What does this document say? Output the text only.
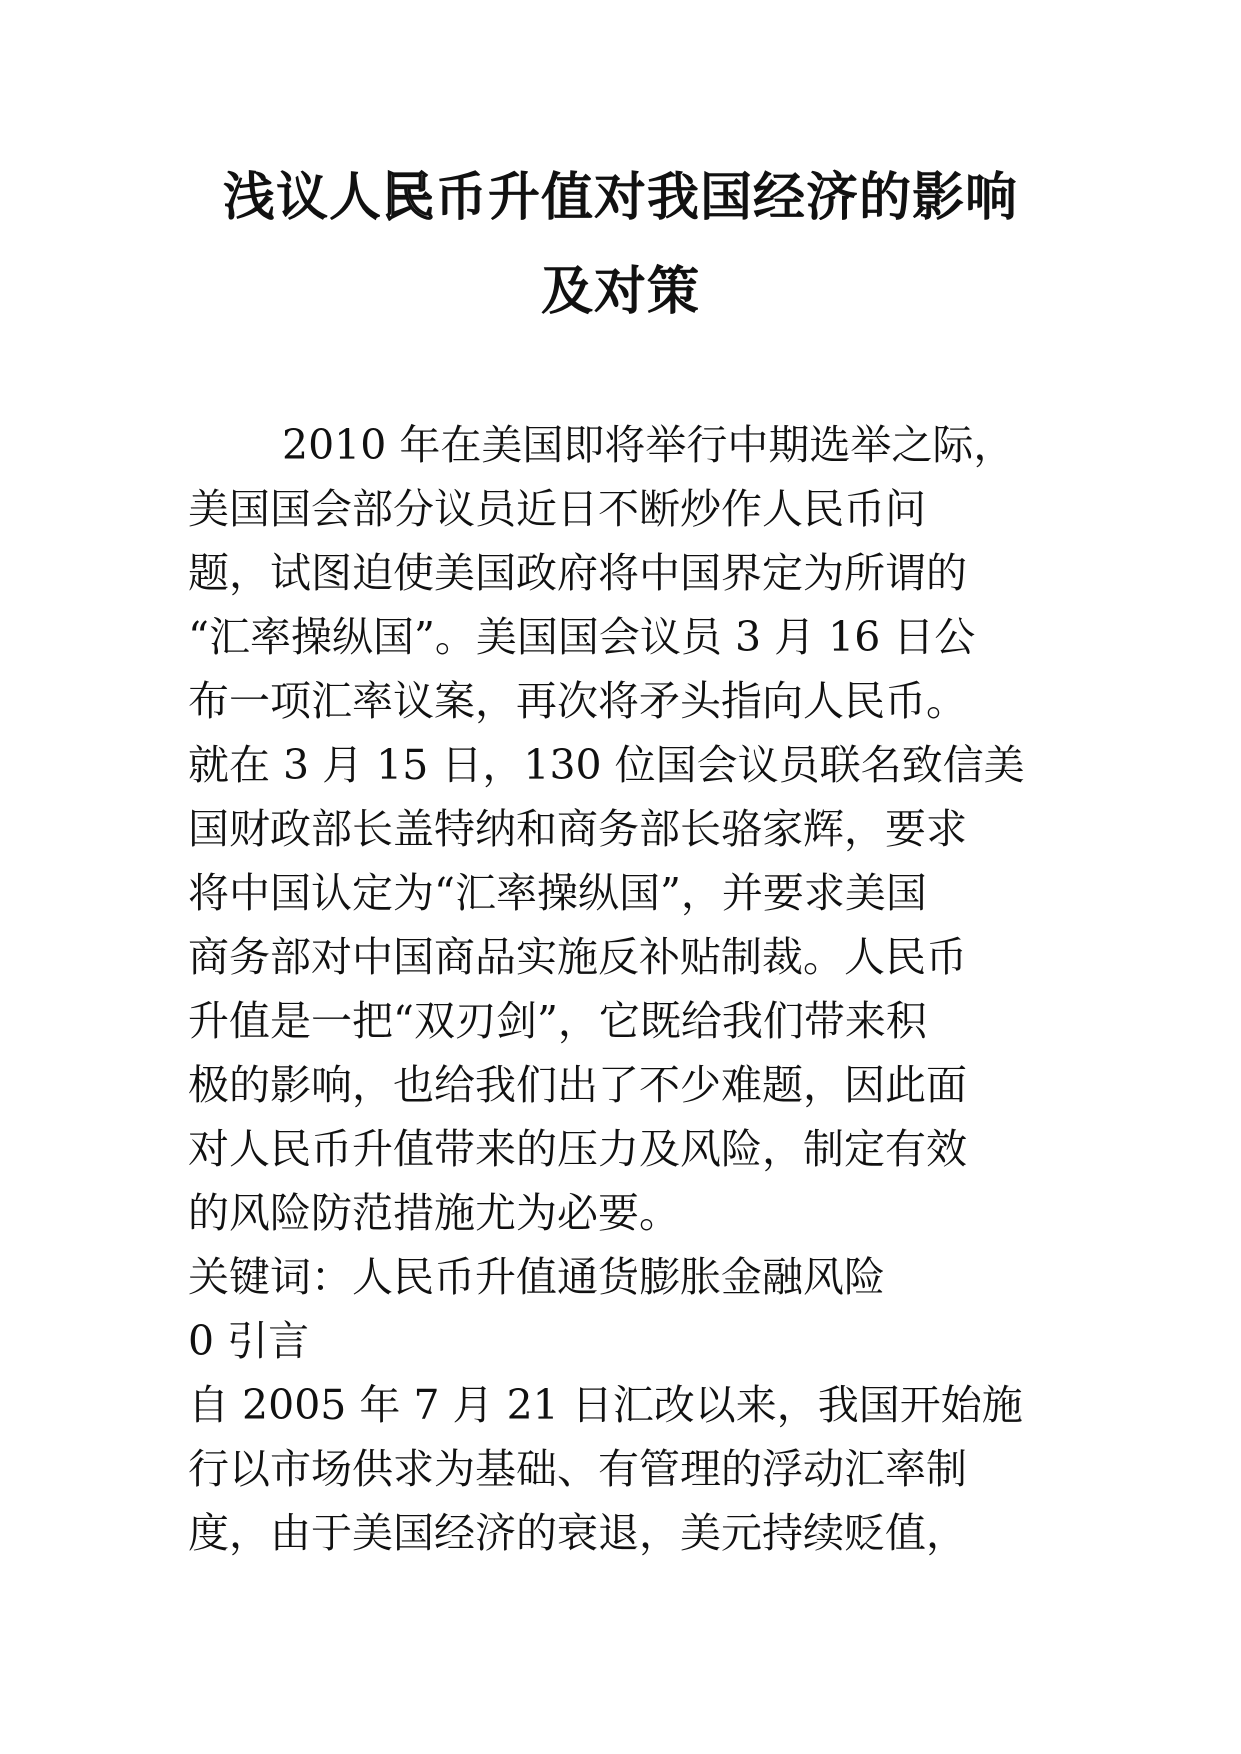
浅议人民币升值对我国经济的影响
及对策
2010 年在美国即将举行中期选举之际，
美国国会部分议员近日不断炒作人民币问
题，试图迫使美国政府将中国界定为所谓的
“汇率操纵国”。美国国会议员 3 月 16 日公
布一项汇率议案，再次将矛头指向人民币。
就在 3 月 15 日，130 位国会议员联名致信美
国财政部长盖特纳和商务部长骆家辉，要求
将中国认定为“汇率操纵国”，并要求美国
商务部对中国商品实施反补贴制裁。人民币
升值是一把“双刃剑”，它既给我们带来积
极的影响，也给我们出了不少难题，因此面
对人民币升值带来的压力及风险，制定有效
的风险防范措施尤为必要。
关键词：人民币升值通货膨胀金融风险
0 引言
自 2005 年 7 月 21 日汇改以来，我国开始施
行以市场供求为基础、有管理的浮动汇率制
度，由于美国经济的衰退，美元持续贬值，
